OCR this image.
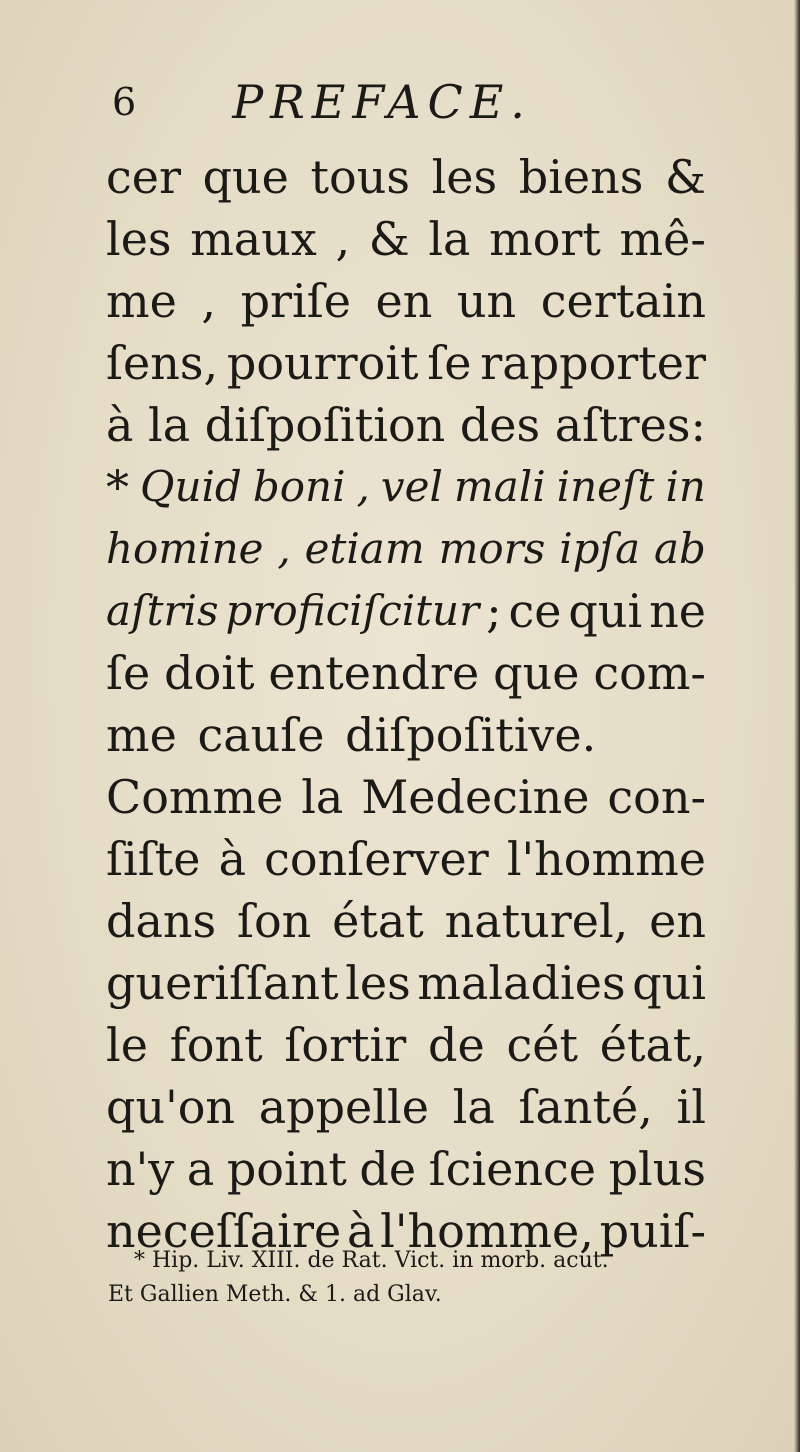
6 PREFACE.
cer que tous les biens &
les maux , & la mort mê-
me , priſe en un certain
ſens, pourroit ſe rapporter
à la diſpoſition des aſtres:
* Quid boni , vel mali ineſt in
homine , etiam mors ipſa ab
aſtris proficiſcitur ; ce qui ne
ſe doit entendre que com-
me
cauſe
diſpoſitive.
Comme la Medecine con-
ſiſte à conſerver l'homme
dans ſon état naturel, en
gueriſſant les maladies qui
le font ſortir de cét état,
qu'on appelle la ſanté, il
n'y a point de ſcience plus
neceſſaire à l'homme, puiſ-
* Hip. Liv. XIII. de Rat. Vict. in morb. acut.
Et Gallien Meth. & 1. ad Glav.
